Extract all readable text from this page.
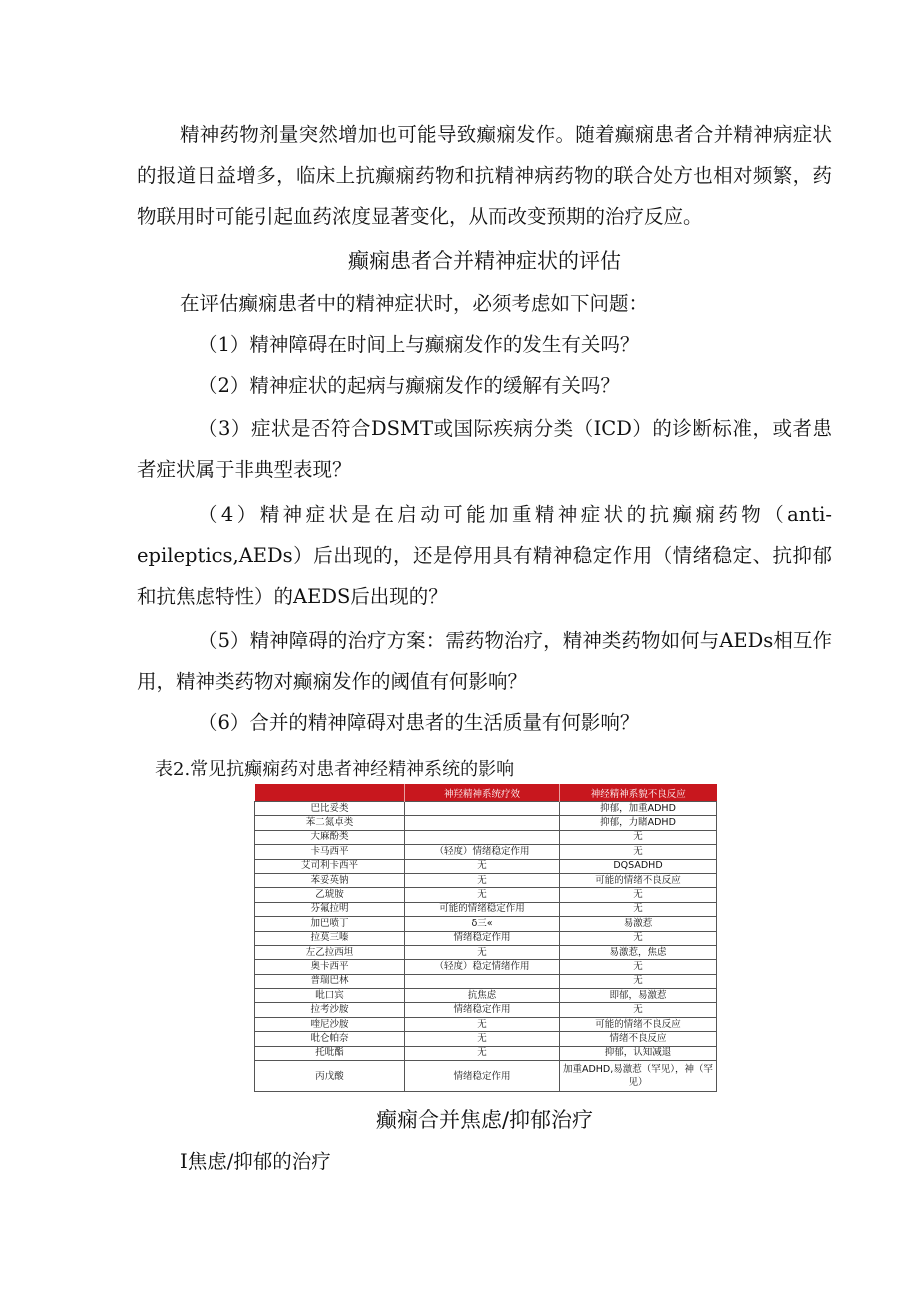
精神药物剂量突然增加也可能导致癫痫发作。随着癫痫患者合并精神病症状的报道日益增多，临床上抗癫痫药物和抗精神病药物的联合处方也相对频繁，药物联用时可能引起血药浓度显著变化，从而改变预期的治疗反应。

癫痫患者合并精神症状的评估

在评估癫痫患者中的精神症状时，必须考虑如下问题：

（1）精神障碍在时间上与癫痫发作的发生有关吗？

（2）精神症状的起病与癫痫发作的缓解有关吗？

（3）症状是否符合DSMT或国际疾病分类（ICD）的诊断标准，或者患者症状属于非典型表现？

（4）精神症状是在启动可能加重精神症状的抗癫痫药物（anti-epileptics,AEDs）后出现的，还是停用具有精神稳定作用（情绪稳定、抗抑郁和抗焦虑特性）的AEDS后出现的？

（5）精神障碍的治疗方案：需药物治疗，精神类药物如何与AEDs相互作用，精神类药物对癫痫发作的阈值有何影响？

（6）合并的精神障碍对患者的生活质量有何影响？

表2.常见抗癫痫药对患者神经精神系统的影响

	神羟精神系统疗效	神经精神系貌不良反应
巴比妥类		抑郁，加重ADHD
苯二氮卓类		抑郁，力睹ADHD
大麻酚类		无
卡马西平	（轻度）情绪稳定作用	无
艾司利卡西平	无	DQSADHD
苯妥英钠	无	可能的情绪不良反应
乙琥胺	无	无
芬氟拉明	可能的情绪稳定作用	无
加巴喷丁	δ三«	易激惹
拉莫三嗪	情绪稳定作用	无
左乙拉西坦	无	易激惹，焦虑
奥卡西平	（轻度）稳定情绪作用	无
普瑞巴林		无
吡口宾	抗焦虑	即郁，易激惹
拉考沙胺	情绪稳定作用	无
喹尼沙胺	无	可能的情绪不良反应
吡仑帕奈	无	情绪不良反应
托吡酯	无	抑郁，认知减退
丙戊酸	情绪稳定作用	加重ADHD,易激惹（罕见），神（罕见）
癫痫合并焦虑/抑郁治疗

I焦虑/抑郁的治疗
